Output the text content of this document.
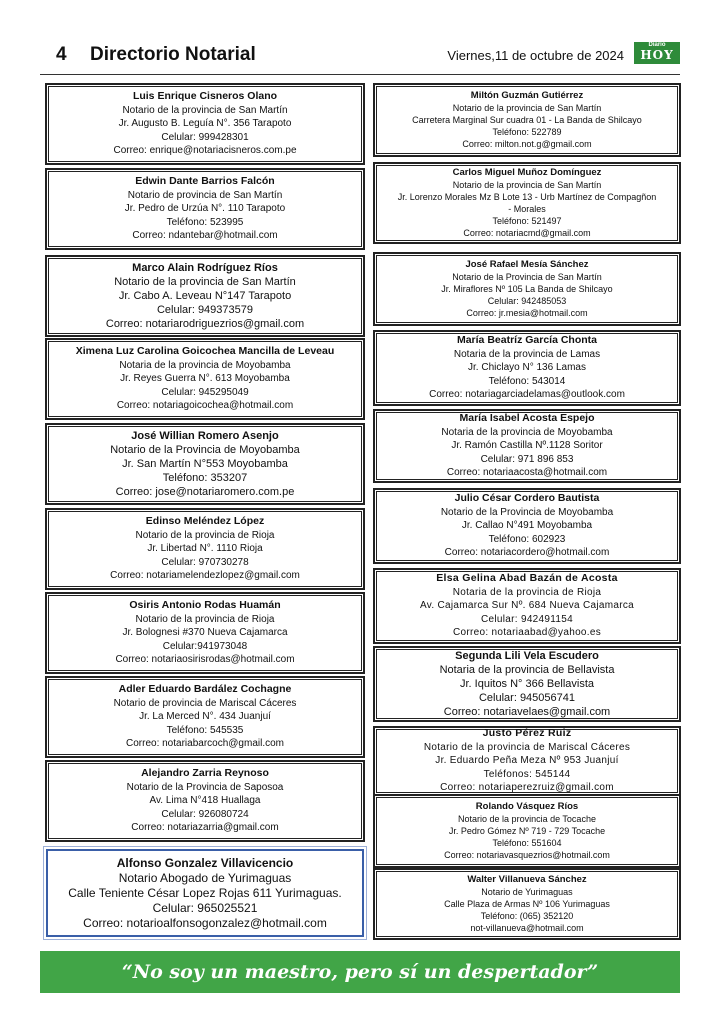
4 Directorio Notarial	Viernes,11 de octubre de 2024
Diario
HOY
Luis Enrique Cisneros Olano
Notario de la provincia de San Martín
Jr. Augusto B. Leguía N°. 356 Tarapoto
Celular: 999428301
Correo: enrique@notariacisneros.com.pe
Edwin Dante Barrios Falcón
Notario de provincia de San Martín
Jr. Pedro de Urzúa N°. 110 Tarapoto
Teléfono: 523995
Correo: ndantebar@hotmail.com
Marco Alain Rodríguez Ríos
Notario de la provincia de San Martín
Jr. Cabo A. Leveau N°147 Tarapoto
Celular: 949373579
Correo: notariarodriguezrios@gmail.com
Ximena Luz Carolina Goicochea Mancilla de Leveau
Notaria de la provincia de Moyobamba
Jr. Reyes Guerra N°. 613 Moyobamba
Celular: 945295049
Correo: notariagoicochea@hotmail.com
José Willian Romero Asenjo
Notario de la Provincia de Moyobamba
Jr. San Martín N°553 Moyobamba
Teléfono: 353207
Correo: jose@notariaromero.com.pe
Edinso Meléndez López
Notario de la provincia de Rioja
Jr. Libertad N°. 1110 Rioja
Celular: 970730278
Correo: notariamelendezlopez@gmail.com
Osiris Antonio Rodas Huamán
Notario de la provincia de Rioja
Jr. Bolognesi #370 Nueva Cajamarca
Celular:941973048
Correo: notariaosirisrodas@hotmail.com
Adler Eduardo Bardález Cochagne
Notario de provincia de Mariscal Cáceres
Jr. La Merced N°. 434 Juanjuí
Teléfono: 545535
Correo: notariabarcoch@gmail.com
Alejandro Zarria Reynoso
Notario de la Provincia de Saposoa
Av. Lima N°418 Huallaga
Celular: 926080724
Correo: notariazarria@gmail.com
Alfonso Gonzalez Villavicencio
Notario Abogado de Yurimaguas
Calle Teniente César Lopez Rojas 611 Yurimaguas.
Celular: 965025521
Correo: notarioalfonsogonzalez@hotmail.com
Miltón Guzmán Gutiérrez
Notario de la provincia de San Martín
Carretera Marginal Sur cuadra 01 - La Banda de Shilcayo
Teléfono: 522789
Correo: milton.not.g@gmail.com
Carlos Miguel Muñoz Domínguez
Notario de la provincia de San Martín
Jr. Lorenzo Morales Mz B Lote 13 - Urb Martínez de Compagñon
- Morales
Teléfono: 521497
Correo: notariacmd@gmail.com
José Rafael Mesía Sánchez
Notario de la Provincia de San Martín
Jr. Miraflores Nº 105 La Banda de Shilcayo
Celular: 942485053
Correo: jr.mesia@hotmail.com
María Beatríz García Chonta
Notaria de la provincia de Lamas
Jr. Chiclayo N° 136 Lamas
Teléfono: 543014
Correo: notariagarciadelamas@outlook.com
María Isabel Acosta Espejo
Notaria de la provincia de Moyobamba
Jr. Ramón Castilla Nº.1128 Soritor
Celular: 971 896 853
Correo: notariaacosta@hotmail.com
Julio César Cordero Bautista
Notario de la Provincia de Moyobamba
Jr. Callao N°491 Moyobamba
Teléfono: 602923
Correo: notariacordero@hotmail.com
Elsa Gelina Abad Bazán de Acosta
Notaria de la provincia de Rioja
Av. Cajamarca Sur Nº. 684 Nueva Cajamarca
Celular: 942491154
Correo: notariaabad@yahoo.es
Segunda Lili Vela Escudero
Notaria de la provincia de Bellavista
Jr. Iquitos N° 366 Bellavista
Celular: 945056741
Correo: notariavelaes@gmail.com
Justo Pérez Ruiz
Notario de la provincia de Mariscal Cáceres
Jr. Eduardo Peña Meza Nº 953 Juanjuí
Teléfonos: 545144
Correo: notariaperezruiz@gmail.com
Rolando Vásquez Ríos
Notario de la provincia de Tocache
Jr. Pedro Gómez Nº 719 - 729 Tocache
Teléfono: 551604
Correo: notariavasquezrios@hotmail.com
Walter Villanueva Sánchez
Notario de Yurimaguas
Calle Plaza de Armas Nº 106 Yurimaguas
Teléfono: (065) 352120
not-villanueva@hotmail.com
“No soy un maestro, pero sí un despertador”
